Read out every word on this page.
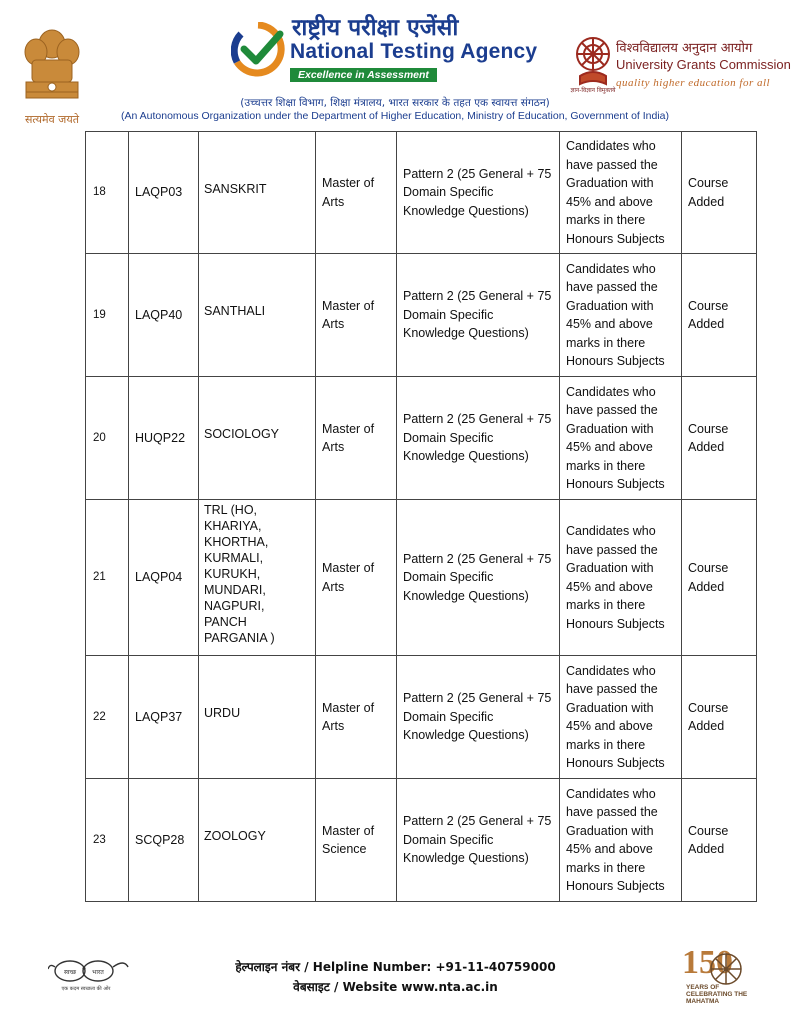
सत्यमेव जयते
राष्ट्रीय परीक्षा एजेंसी
National Testing Agency
Excellence in Assessment
(उच्चत्तर शिक्षा विभाग, शिक्षा मंत्रालय, भारत सरकार के तहत एक स्वायत्त संगठन)
(An Autonomous Organization under the Department of Higher Education, Ministry of Education, Government of India)
ज्ञान-विज्ञान विमुक्तये
विश्वविद्यालय अनुदान आयोग
University Grants Commission
quality higher education for all
18	LAQP03	SANSKRIT	Master of Arts	Pattern 2 (25 General + 75 Domain Specific Knowledge Questions)	Candidates who have passed the Graduation with 45% and above marks in there Honours Subjects	Course Added
19	LAQP40	SANTHALI	Master of Arts	Pattern 2 (25 General + 75 Domain Specific Knowledge Questions)	Candidates who have passed the Graduation with 45% and above marks in there Honours Subjects	Course Added
20	HUQP22	SOCIOLOGY	Master of Arts	Pattern 2 (25 General + 75 Domain Specific Knowledge Questions)	Candidates who have passed the Graduation with 45% and above marks in there Honours Subjects	Course Added
21	LAQP04	TRL (HO, KHARIYA, KHORTHA, KURMALI, KURUKH, MUNDARI, NAGPURI, PANCH PARGANIA )	Master of Arts	Pattern 2 (25 General + 75 Domain Specific Knowledge Questions)	Candidates who have passed the Graduation with 45% and above marks in there Honours Subjects	Course Added
22	LAQP37	URDU	Master of Arts	Pattern 2 (25 General + 75 Domain Specific Knowledge Questions)	Candidates who have passed the Graduation with 45% and above marks in there Honours Subjects	Course Added
23	SCQP28	ZOOLOGY	Master of Science	Pattern 2 (25 General + 75 Domain Specific Knowledge Questions)	Candidates who have passed the Graduation with 45% and above marks in there Honours Subjects	Course Added
स्वच्छ	भारत
एक कदम स्वच्छता की ओर
हेल्पलाइन नंबर / Helpline Number: +91-11-40759000
वेबसाइट / Website www.nta.ac.in
150
YEARS OF CELEBRATING THE MAHATMA
